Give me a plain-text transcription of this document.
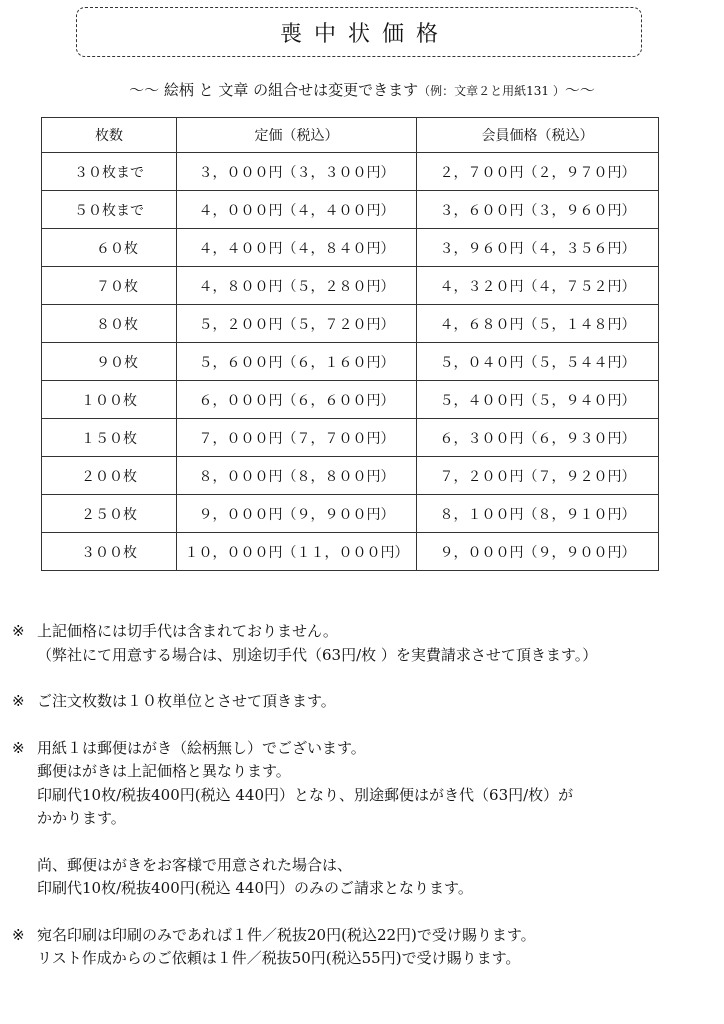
喪中状価格
～～ 絵柄 と 文章 の組合せは変更できます（例：文章２と用紙131 ）～～
枚数	定価（税込）	会員価格（税込）
３０枚まで	３，０００円（３，３００円）	２，７００円（２，９７０円）
５０枚まで	４，０００円（４，４００円）	３，６００円（３，９６０円）
６０枚	４，４００円（４，８４０円）	３，９６０円（４，３５６円）
７０枚	４，８００円（５，２８０円）	４，３２０円（４，７５２円）
８０枚	５，２００円（５，７２０円）	４，６８０円（５，１４８円）
９０枚	５，６００円（６，１６０円）	５，０４０円（５，５４４円）
１００枚	６，０００円（６，６００円）	５，４００円（５，９４０円）
１５０枚	７，０００円（７，７００円）	６，３００円（６，９３０円）
２００枚	８，０００円（８，８００円）	７，２００円（７，９２０円）
２５０枚	９，０００円（９，９００円）	８，１００円（８，９１０円）
３００枚	１０，０００円（１１，０００円）	９，０００円（９，９００円）
※ 上記価格には切手代は含まれておりません。
（弊社にて用意する場合は、別途切手代（63円/枚 ）を実費請求させて頂きます。）
※ ご注文枚数は１０枚単位とさせて頂きます。
※ 用紙１は郵便はがき（絵柄無し）でございます。
郵便はがきは上記価格と異なります。
印刷代10枚/税抜400円(税込 440円）となり、別途郵便はがき代（63円/枚）が
かかります。
尚、郵便はがきをお客様で用意された場合は、
印刷代10枚/税抜400円(税込 440円）のみのご請求となります。
※ 宛名印刷は印刷のみであれば１件／税抜20円(税込22円)で受け賜ります。
リスト作成からのご依頼は１件／税抜50円(税込55円)で受け賜ります。
